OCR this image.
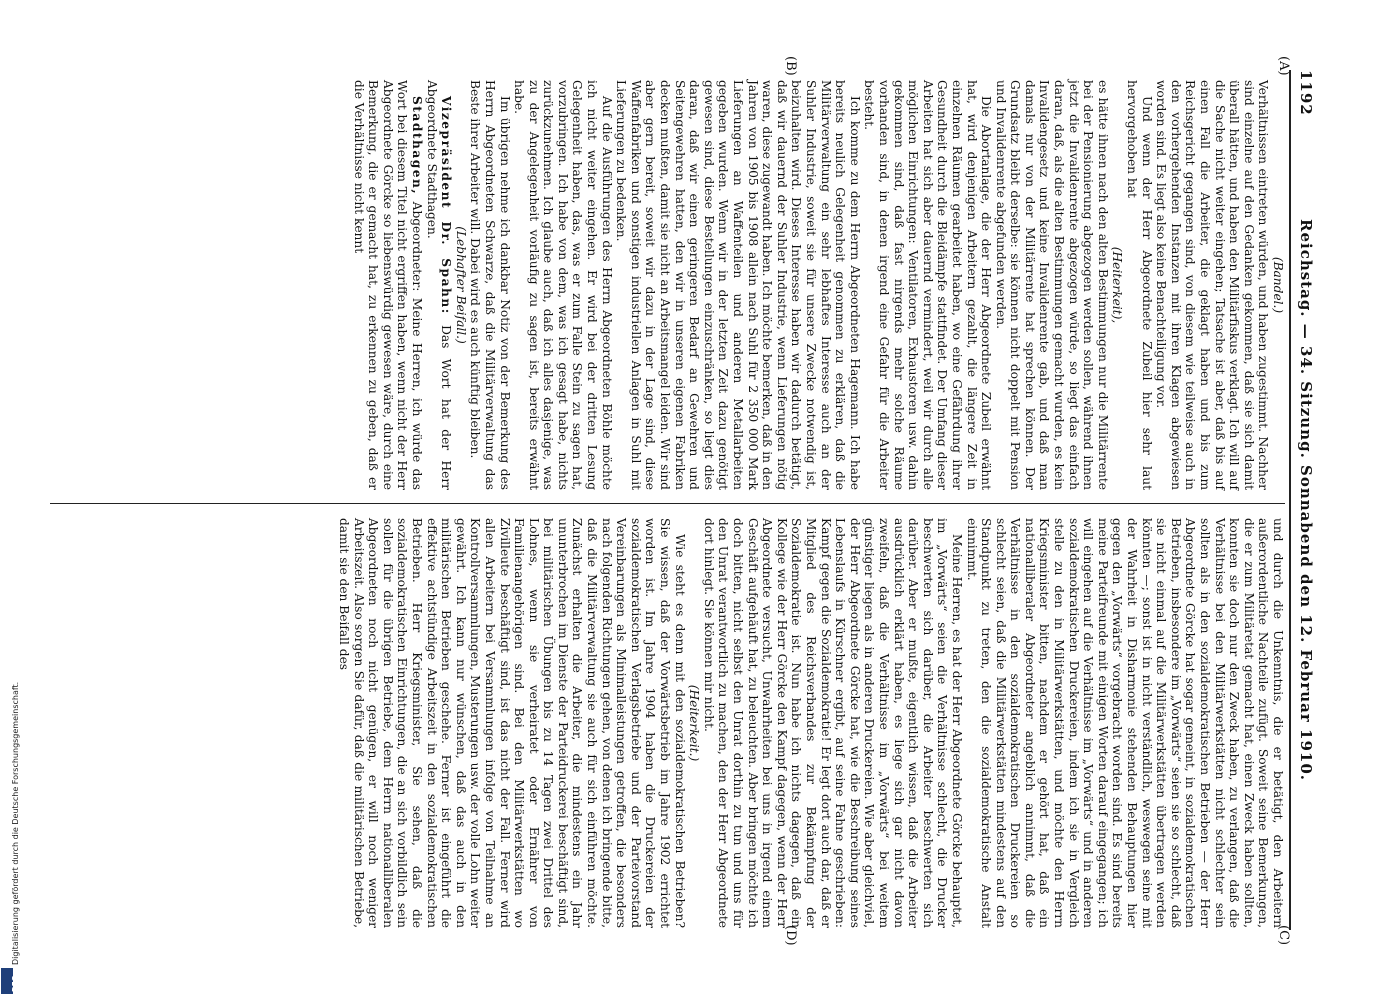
1192
Reichstag. — 34. Sitzung. Sonnabend den 12. Februar 1910.
(A)
(B)
(C)
(D)

(Bandel.)

Verhältnissen eintreten würden, und haben zugestimmt. Nachher sind einzelne auf den Gedanken gekommen, daß sie sich damit überall hätten, und haben den Militärfiskus verklagt. Ich will auf die Sache nicht weiter eingehen; Tatsache ist aber, daß bis auf einen Fall die Arbeiter, die geklagt haben und bis zum Reichsgericht gegangen sind, von diesem wie teilweise auch in den vorhergehenden Instanzen mit ihren Klagen abgewiesen worden sind. Es liegt also keine Benachteiligung vor.

Und wenn der Herr Abgeordnete Zubeil hier sehr laut hervorgehoben hat

(Heiterkeit),

es hätte ihnen nach den alten Bestimmungen nur die Militärrente bei der Pensionierung abgezogen werden sollen, während ihnen jetzt die Invalidenrente abgezogen würde, so liegt das einfach daran, daß, als die alten Bestimmungen gemacht wurden, es kein Invalidengesetz und keine Invalidenrente gab, und daß man damals nur von der Militärrente hat sprechen können. Der Grundsatz bleibt derselbe: sie können nicht doppelt mit Pension und Invalidenrente abgefunden werden.

Die Abortanlage, die der Herr Abgeordnete Zubeil erwähnt hat, wird denjenigen Arbeitern gezahlt, die längere Zeit in einzelnen Räumen gearbeitet haben, wo eine Gefährdung ihrer Gesundheit durch die Bleidämpfe stattfindet. Der Umfang dieser Arbeiten hat sich aber dauernd vermindert, weil wir durch alle möglichen Einrichtungen: Ventilatoren, Exhaustoren usw. dahin gekommen sind, daß fast nirgends mehr solche Räume vorhanden sind, in denen irgend eine Gefahr für die Arbeiter besteht.

Ich komme zu dem Herrn Abgeordneten Hagemann. Ich habe bereits neulich Gelegenheit genommen zu erklären, daß die Militärverwaltung ein sehr lebhaftes Interesse auch an der Suhler Industrie, soweit sie für unsere Zwecke notwendig ist, beizuhalten wird. Dieses Interesse haben wir dadurch betätigt, daß wir dauernd der Suhler Industrie, wenn Lieferungen nötig waren, diese zugewandt haben. Ich möchte bemerken, daß in den Jahren von 1905 bis 1908 allein nach Suhl für 2 350 000 Mark Lieferungen an Waffenteilen und anderen Metallarbeiten gegeben wurden. Wenn wir in der letzten Zeit dazu genötigt gewesen sind, diese Bestellungen einzuschränken, so liegt dies daran, daß wir einen geringeren Bedarf an Gewehren und Seitengewehren hatten, den wir in unseren eigenen Fabriken decken mußten, damit sie nicht an Arbeitsmangel leiden. Wir sind aber gern bereit, soweit wir dazu in der Lage sind, diese Waffenfabriken und sonstigen industriellen Anlagen in Suhl mit Lieferungen zu bedenken.

Auf die Ausführungen des Herrn Abgeordneten Böhle möchte ich nicht weiter eingehen. Er wird bei der dritten Lesung Gelegenheit haben, das, was er zum Falle Stein zu sagen hat, vorzubringen. Ich habe von dem, was ich gesagt habe, nichts zurückzunehmen. Ich glaube auch, daß ich alles dasjenige, was zu der Angelegenheit vorläufig zu sagen ist, bereits erwähnt habe.

Im übrigen nehme ich dankbar Notiz von der Bemerkung des Herrn Abgeordneten Schwarze, daß die Militärverwaltung das Beste ihrer Arbeiter will. Dabei wird es auch künftig bleiben.

(Lebhafter Beifall.)

Vizepräsident Dr. Spahn: Das Wort hat der Herr Abgeordnete Stadthagen.

Stadthagen, Abgeordneter: Meine Herren, ich würde das Wort bei diesem Titel nicht ergriffen haben, wenn nicht der Herr Abgeordnete Görcke so liebenswürdig gewesen wäre, durch eine Bemerkung, die er gemacht hat, zu erkennen zu geben, daß er die Verhältnisse nicht kennt

und durch die Unkenntnis, die er betätigt, den Arbeitern außerordentliche Nachteile zufügt. Soweit seine Bemerkungen, die er zum Militäretat gemacht hat, einen Zweck haben sollten, konnten sie doch nur den Zweck haben, zu verlangen, daß die Verhältnisse bei den Militärwerkstätten nicht schlechter sein sollten als in den sozialdemokratischen Betrieben — der Herr Abgeordnete Görcke hat sogar gemeint, in sozialdemokratischen Betrieben, insbesondere im „Vorwärts“ seien sie so schlecht, daß sie nicht einmal auf die Militärwerkstätten übertragen werden könnten —; sonst ist in nicht verständlich, weswegen seine mit der Wahrheit in Disharmonie stehenden Behauptungen hier gegen den „Vorwärts“ vorgebracht worden sind. Es sind bereits meine Parteifreunde mit einigen Worten darauf eingegangen; ich will eingehen auf die Verhältnisse im „Vorwärts“ und in anderen sozialdemokratischen Druckereien, indem ich sie in Vergleich stelle zu den in Militärwerkstätten, und möchte den Herrn Kriegsminister bitten, nachdem er gehört hat, daß ein nationalliberaler Abgeordneter angeblich annimmt, daß die Verhältnisse in den sozialdemokratischen Druckereien so schlecht seien, daß die Militärwerkstätten mindestens auf den Standpunkt zu treten, den die sozialdemokratische Anstalt einnimmt.

Meine Herren, es hat der Herr Abgeordnete Görcke behauptet, im „Vorwärts“ seien die Verhältnisse schlecht, die Drucker beschwerten sich darüber, die Arbeiter beschwerten sich darüber. Aber er mußte, eigentlich wissen, daß die Arbeiter ausdrücklich erklärt haben, es liege sich gar nicht davon zweifeln, daß die Verhältnisse im „Vorwärts“ bei weitem günstiger liegen als in anderen Druckereien. Wie aber gleichviel, der Herr Abgeordnete Görcke hat, wie die Beschreibung seines Lebenslaufs in Kürschner ergibt, auf seine Fahne geschrieben: Kampf gegen die Sozialdemokratie! Er legt dort auch dar, daß er Mitglied des Reichsverbandes zur Bekämpfung der Sozialdemokratie ist. Nun habe ich nichts dagegen, daß ein Kollege wie der Herr Görcke den Kampf dagegen, wenn der Herr Abgeordnete versucht, Unwahrheiten bei uns in irgend einem Geschäft aufgehäuft hat, zu beleuchten. Aber bringen möchte ich doch bitten, nicht selbst den Unrat dorthin zu tun und uns für den Unrat verantwortlich zu machen, den der Herr Abgeordnete dort hinlegt. Sie können mir nicht.

(Heiterkeit.)

Wie steht es denn mit den sozialdemokratischen Betrieben? Sie wissen, daß der Vorwärtsbetrieb im Jahre 1902 errichtet worden ist. Im Jahre 1904 haben die Druckereien der sozialdemokratischen Verlagsbetriebe und der Parteivorstand Vereinbarungen als Minimalleistungen getroffen, die besonders nach folgenden Richtungen gehen, von denen ich bringende bitte, daß die Militärverwaltung sie auch für sich einführen möchte. Zunächst erhalten die Arbeiter, die mindestens ein Jahr ununterbrochen im Dienste der Parteidruckerei beschäftigt sind, bei militärischen Übungen bis zu 14 Tagen zwei Drittel des Lohnes, wenn sie verheiratet oder Ernährer von Familienangehörigen sind. Bei den Militärwerkstätten wo Zivilleute beschäftigt sind, ist das nicht der Fall. Ferner wird allen Arbeitern bei Versammlungen infolge von Teilnahme an Kontrollversammlungen, Musterungen usw. der volle Lohn weiter gewährt. Ich kann nur wünschen, daß das auch in den militärischen Betrieben geschehe. Ferner ist eingeführt die effektive achtstündige Arbeitszeit in den sozialdemokratischen Betrieben. Herr Kriegsminister, Sie sehen, daß die sozialdemokratischen Einrichtungen, die an sich vorbildlich sein sollen für die übrigen Betriebe, dem Herrn nationalliberalen Abgeordneten noch nicht genügen, er will noch weniger Arbeitszeit. Also sorgen Sie dafür, daß die militärischen Betriebe, damit sie den Beifall des

Digitalisierung gefördert durch die Deutsche Forschungsgemeinschaft.
DFG
